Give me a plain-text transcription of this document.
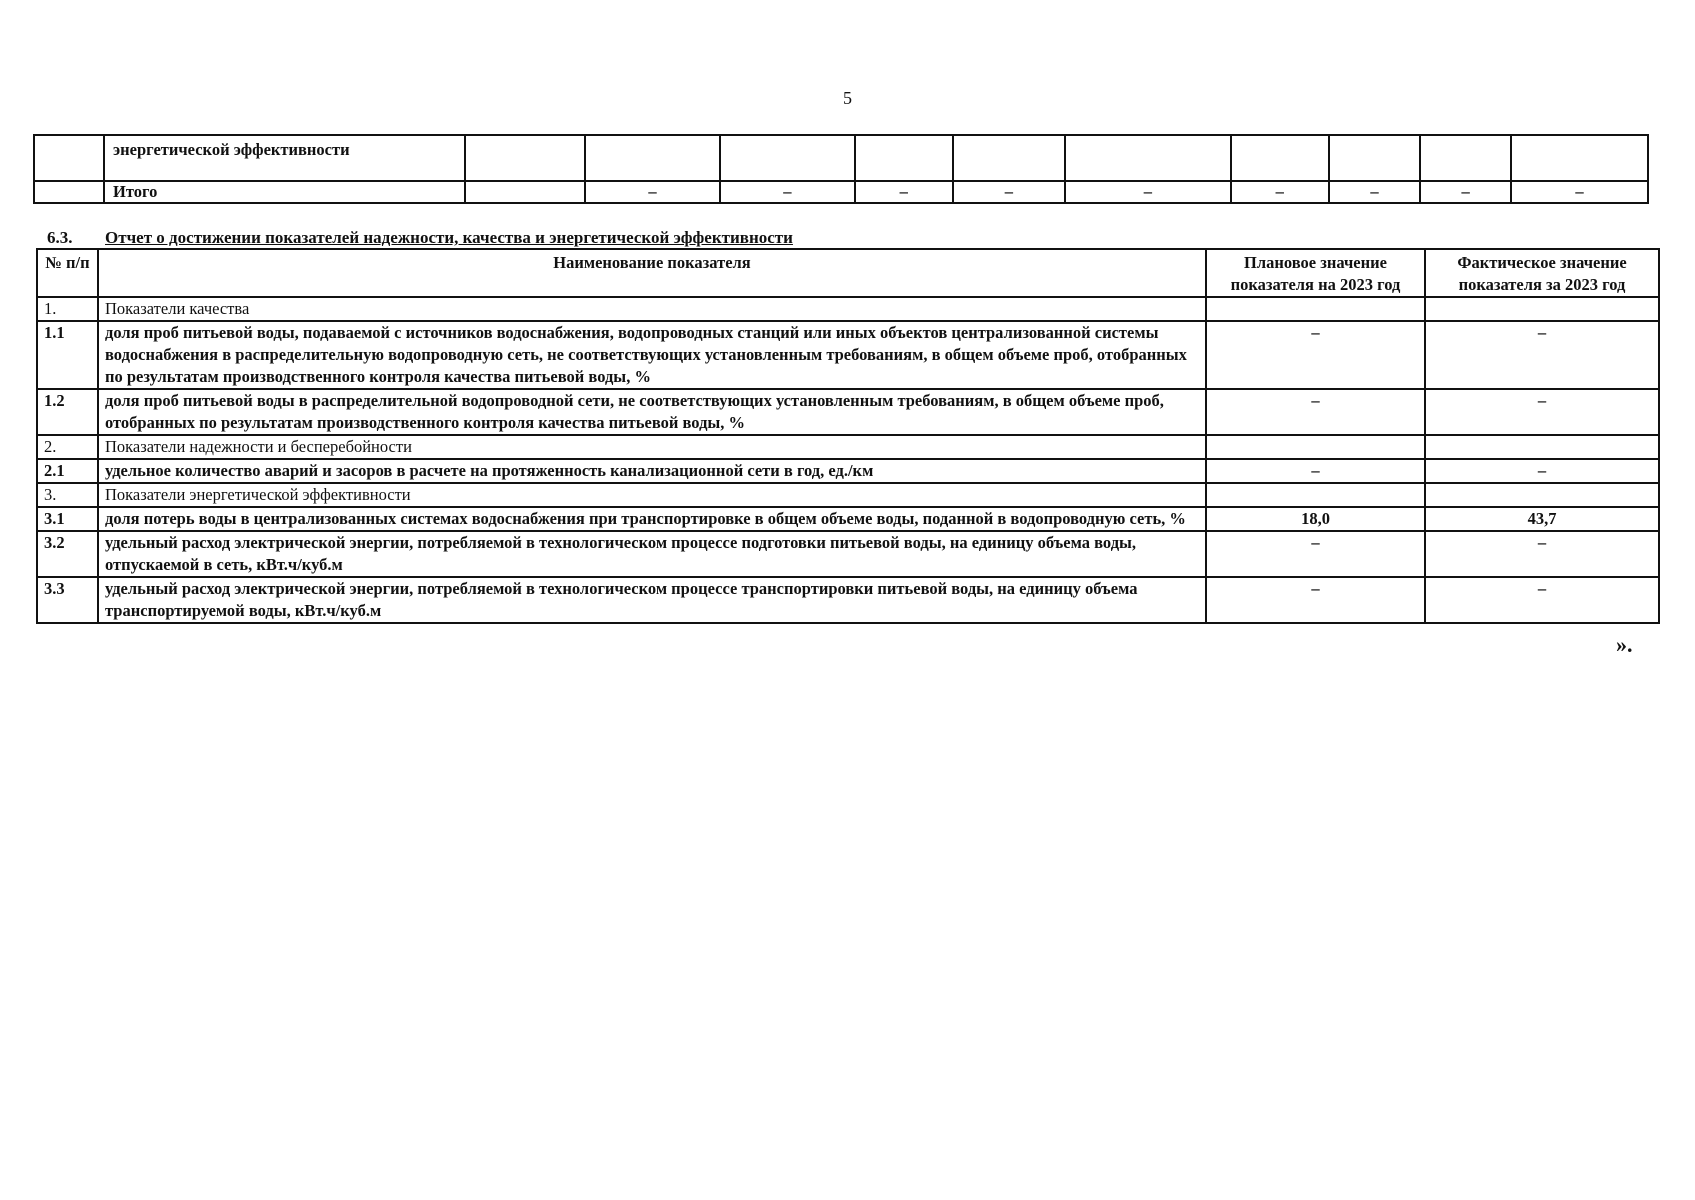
5
	энергетической эффективности										
	Итого		–	–	–	–	–	–	–	–	–
6.3. Отчет о достижении показателей надежности, качества и энергетической эффективности
№ п/п	Наименование показателя	Плановое значение показателя на 2023 год	Фактическое значение показателя за 2023 год
1.	Показатели качества		
1.1	доля проб питьевой воды, подаваемой с источников водоснабжения, водопроводных станций или иных объектов централизованной системы водоснабжения в распределительную водопроводную сеть, не соответствующих установленным требованиям, в общем объеме проб, отобранных по результатам производственного контроля качества питьевой воды, %	–	–
1.2	доля проб питьевой воды в распределительной водопроводной сети, не соответствующих установленным требованиям, в общем объеме проб, отобранных по результатам производственного контроля качества питьевой воды, %	–	–
2.	Показатели надежности и бесперебойности		
2.1	удельное количество аварий и засоров в расчете на протяженность канализационной сети в год, ед./км	–	–
3.	Показатели энергетической эффективности		
3.1	доля потерь воды в централизованных системах водоснабжения при транспортировке в общем объеме воды, поданной в водопроводную сеть, %	18,0	43,7
3.2	удельный расход электрической энергии, потребляемой в технологическом процессе подготовки питьевой воды, на единицу объема воды, отпускаемой в сеть, кВт.ч/куб.м	–	–
3.3	удельный расход электрической энергии, потребляемой в технологическом процессе транспортировки питьевой воды, на единицу объема транспортируемой воды, кВт.ч/куб.м	–	–
».
